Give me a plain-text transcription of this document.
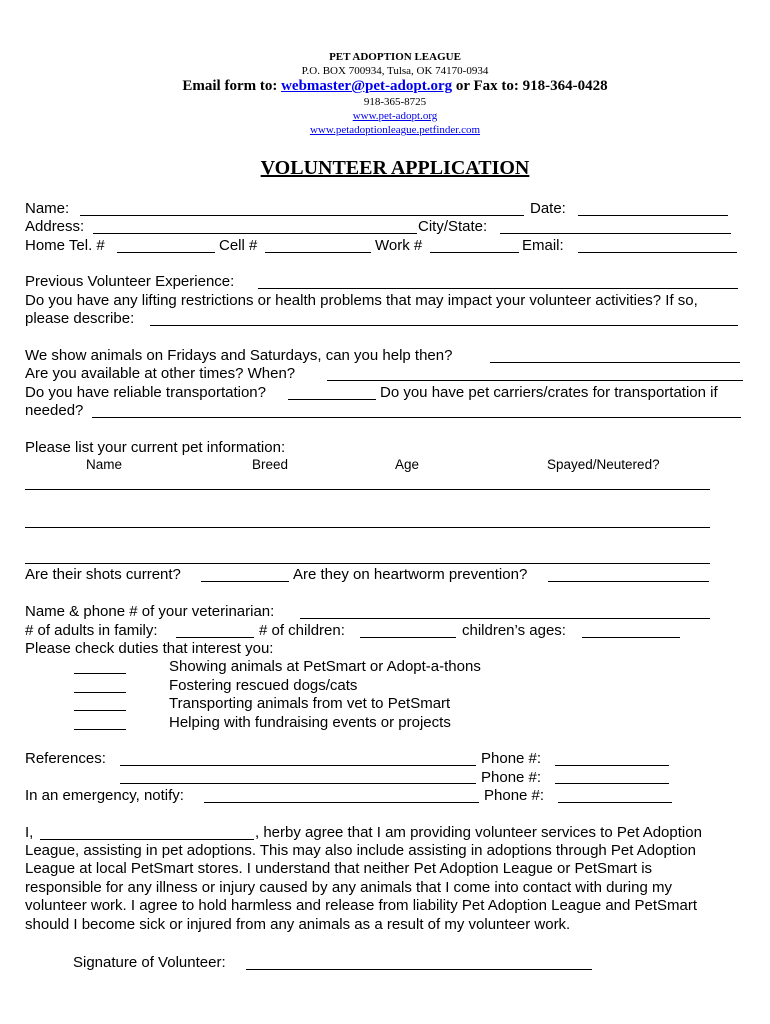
PET ADOPTION LEAGUE
P.O. BOX 700934, Tulsa, OK 74170-0934
Email form to: webmaster@pet-adopt.org or Fax to: 918-364-0428
918-365-8725
www.pet-adopt.org
www.petadoptionleague.petfinder.com
VOLUNTEER APPLICATION
Name:	Date:
Address:	City/State:
Home Tel. #	Cell #	Work #	Email:
Previous Volunteer Experience:
Do you have any lifting restrictions or health problems that may impact your volunteer activities? If so,
please describe:
We show animals on Fridays and Saturdays, can you help then?
Are you available at other times? When?
Do you have reliable transportation?	Do you have pet carriers/crates for transportation if
needed?
Please list your current pet information:
Name	Breed	Age	Spayed/Neutered?
Are their shots current?	Are they on heartworm prevention?
Name & phone # of your veterinarian:
# of adults in family:	# of children:	children’s ages:
Please check duties that interest you:
Showing animals at PetSmart or Adopt-a-thons
Fostering rescued dogs/cats
Transporting animals from vet to PetSmart
Helping with fundraising events or projects
References:	Phone #:
Phone #:
In an emergency, notify:	Phone #:
I,	, herby agree that I am providing volunteer services to Pet Adoption
League, assisting in pet adoptions. This may also include assisting in adoptions through Pet Adoption
League at local PetSmart stores. I understand that neither Pet Adoption League or PetSmart is
responsible for any illness or injury caused by any animals that I come into contact with during my
volunteer work. I agree to hold harmless and release from liability Pet Adoption League and PetSmart
should I become sick or injured from any animals as a result of my volunteer work.
Signature of Volunteer:
